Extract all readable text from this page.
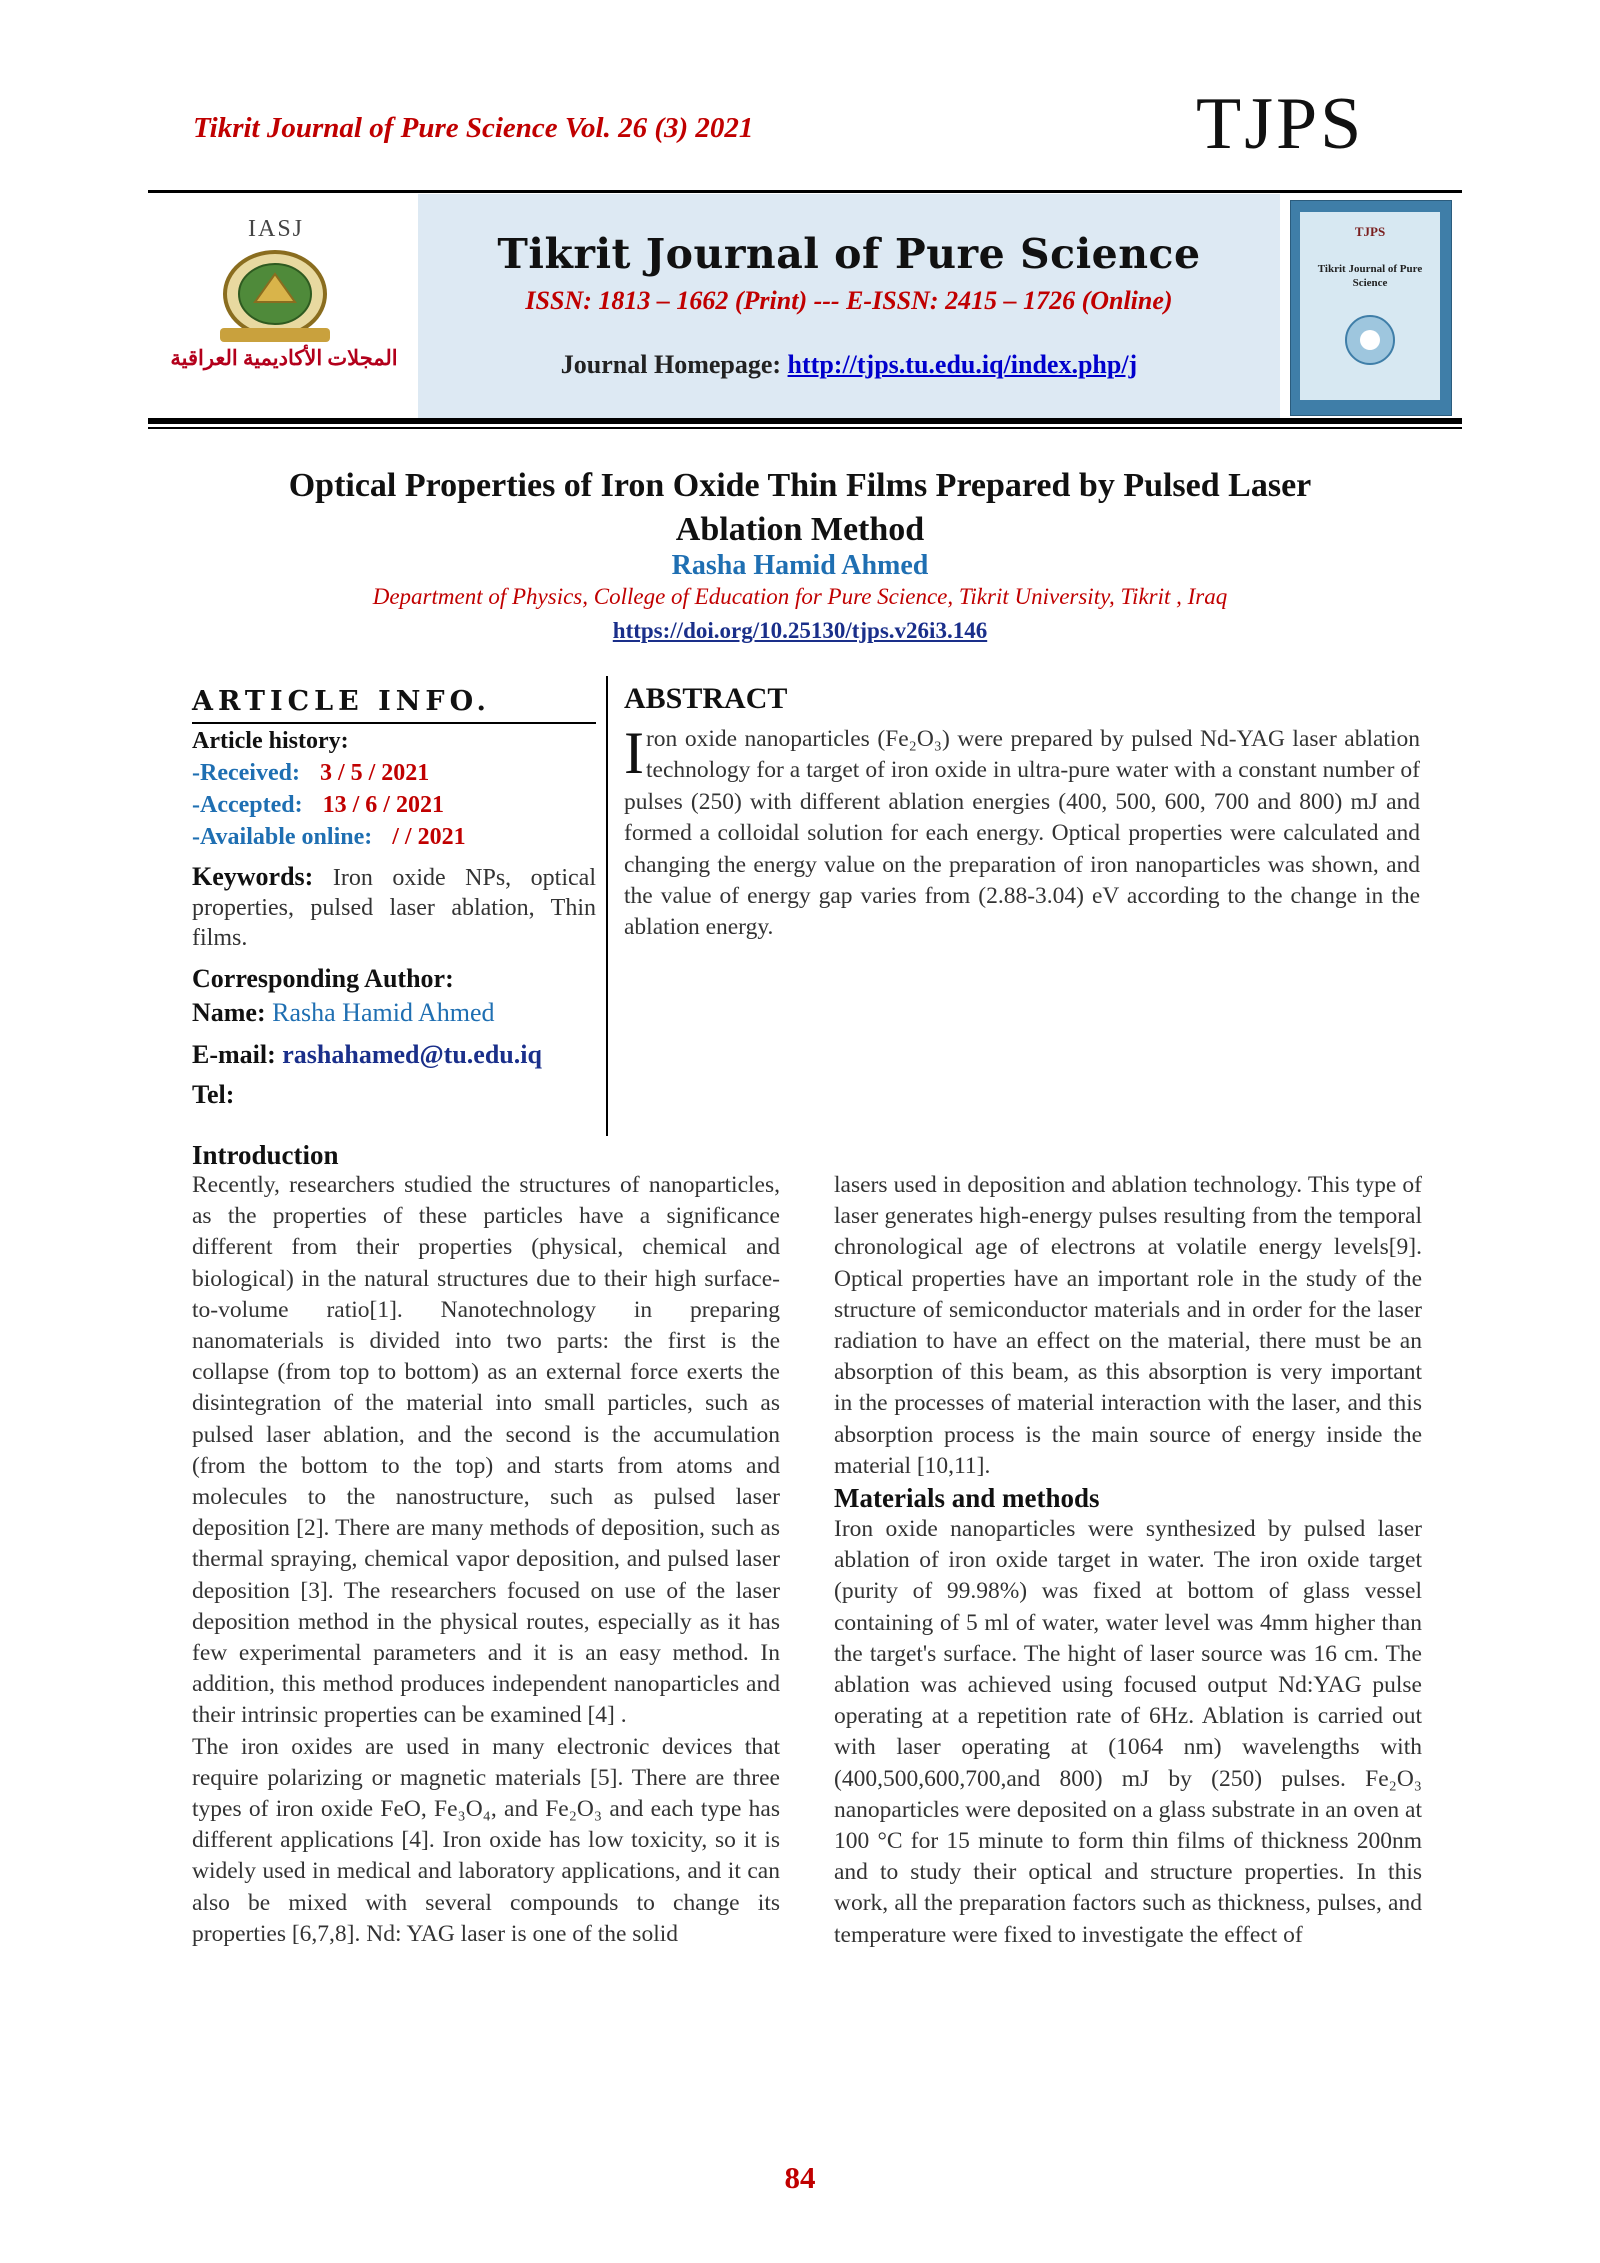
Tikrit Journal of Pure Science Vol. 26 (3) 2021	TJPS
IASJ
المجلات الأكاديمية العراقية
Tikrit Journal of Pure Science
ISSN: 1813 – 1662 (Print) --- E-ISSN: 2415 – 1726 (Online)
Journal Homepage: http://tjps.tu.edu.iq/index.php/j
TJPS
Tikrit Journal of Pure Science
Optical Properties of Iron Oxide Thin Films Prepared by Pulsed Laser
Ablation Method
Rasha Hamid Ahmed
Department of Physics, College of Education for Pure Science, Tikrit University, Tikrit , Iraq
https://doi.org/10.25130/tjps.v26i3.146
ARTICLE INFO.
Article history:
-Received: 3 / 5 / 2021
-Accepted: 13 / 6 / 2021
-Available online: / / 2021
Keywords: Iron oxide NPs, optical properties, pulsed laser ablation, Thin films.
Corresponding Author:
Name: Rasha Hamid Ahmed
E-mail: rashahamed@tu.edu.iq
Tel:
ABSTRACT
Iron oxide nanoparticles (Fe₂O₃) were prepared by pulsed Nd-YAG laser ablation technology for a target of iron oxide in ultra-pure water with a constant number of pulses (250) with different ablation energies (400, 500, 600, 700 and 800) mJ and formed a colloidal solution for each energy. Optical properties were calculated and changing the energy value on the preparation of iron nanoparticles was shown, and the value of energy gap varies from (2.88-3.04) eV according to the change in the ablation energy.
Introduction

Recently, researchers studied the structures of nanoparticles, as the properties of these particles have a significance different from their properties (physical, chemical and biological) in the natural structures due to their high surface-to-volume ratio[1]. Nanotechnology in preparing nanomaterials is divided into two parts: the first is the collapse (from top to bottom) as an external force exerts the disintegration of the material into small particles, such as pulsed laser ablation, and the second is the accumulation (from the bottom to the top) and starts from atoms and molecules to the nanostructure, such as pulsed laser deposition [2]. There are many methods of deposition, such as thermal spraying, chemical vapor deposition, and pulsed laser deposition [3]. The researchers focused on use of the laser deposition method in the physical routes, especially as it has few experimental parameters and it is an easy method. In addition, this method produces independent nanoparticles and their intrinsic properties can be examined [4] .

The iron oxides are used in many electronic devices that require polarizing or magnetic materials [5]. There are three types of iron oxide FeO, Fe₃O₄, and Fe₂O₃ and each type has different applications [4]. Iron oxide has low toxicity, so it is widely used in medical and laboratory applications, and it can also be mixed with several compounds to change its properties [6,7,8]. Nd: YAG laser is one of the solid

lasers used in deposition and ablation technology. This type of laser generates high-energy pulses resulting from the temporal chronological age of electrons at volatile energy levels[9]. Optical properties have an important role in the study of the structure of semiconductor materials and in order for the laser radiation to have an effect on the material, there must be an absorption of this beam, as this absorption is very important in the processes of material interaction with the laser, and this absorption process is the main source of energy inside the material [10,11].

Materials and methods

Iron oxide nanoparticles were synthesized by pulsed laser ablation of iron oxide target in water. The iron oxide target (purity of 99.98%) was fixed at bottom of glass vessel containing of 5 ml of water, water level was 4mm higher than the target's surface. The hight of laser source was 16 cm. The ablation was achieved using focused output Nd:YAG pulse operating at a repetition rate of 6Hz. Ablation is carried out with laser operating at (1064 nm) wavelengths with (400,500,600,700,and 800) mJ by (250) pulses. Fe₂O₃ nanoparticles were deposited on a glass substrate in an oven at 100 °C for 15 minute to form thin films of thickness 200nm and to study their optical and structure properties. In this work, all the preparation factors such as thickness, pulses, and temperature were fixed to investigate the effect of

84
